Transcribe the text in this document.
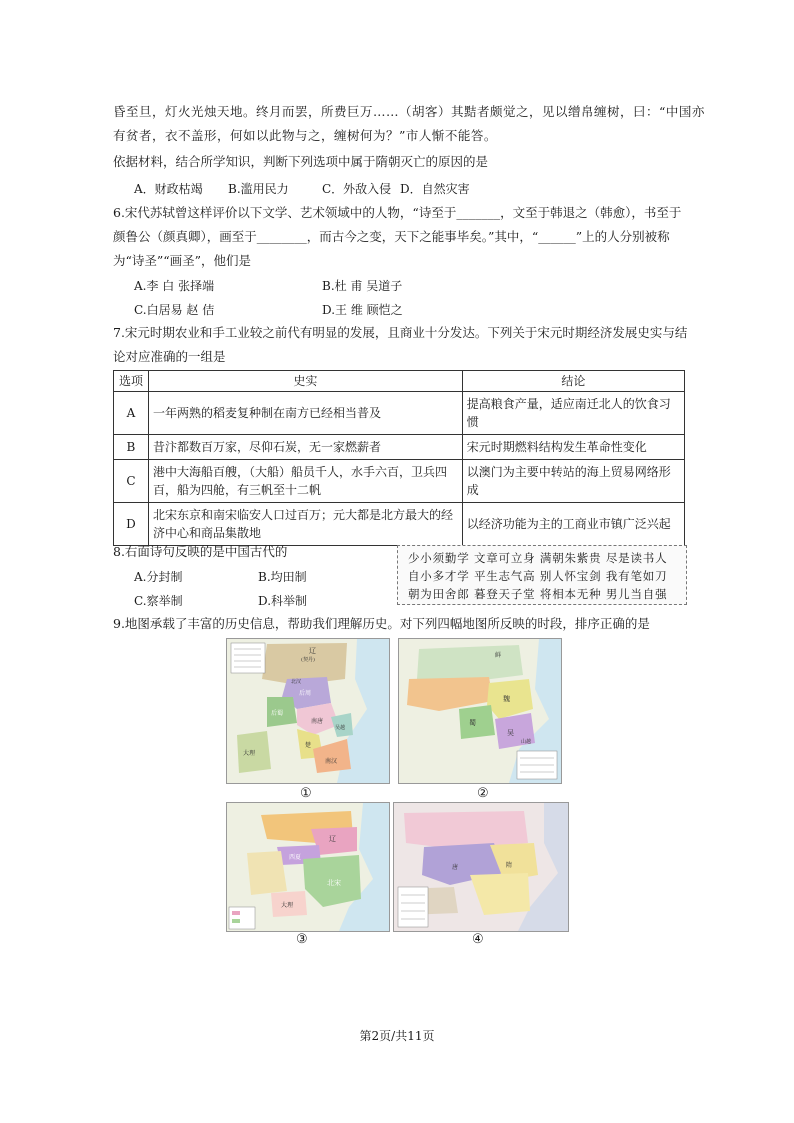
昏至旦，灯火光烛天地。终月而罢，所费巨万……（胡客）其黠者颇觉之，见以缯帛缠树，曰：“中国亦
有贫者，衣不盖形，何如以此物与之，缠树何为？”市人惭不能答。
依据材料，结合所学知识，判断下列选项中属于隋朝灭亡的原因的是
A．财政枯竭 B.滥用民力	C．外敌入侵 D．自然灾害
6.宋代苏轼曾这样评价以下文学、艺术领域中的人物，“诗至于_______，文至于韩退之（韩愈），书至于
颜鲁公（颜真卿），画至于________，而古今之变，天下之能事毕矣。”其中，“______”上的人分别被称
为“诗圣”“画圣”，他们是
A.李 白 张择端	B.杜 甫 吴道子
C.白居易 赵 佶	D.王 维 顾恺之
7.宋元时期农业和手工业较之前代有明显的发展，且商业十分发达。下列关于宋元时期经济发展史实与结
论对应准确的一组是
选项	史实	结论
A	一年两熟的稻麦复种制在南方已经相当普及	提高粮食产量，适应南迁北人的饮食习惯
B	昔汴都数百万家，尽仰石炭，无一家燃薪者	宋元时期燃料结构发生革命性变化
C	港中大海船百艘，（大船）船员千人，水手六百，卫兵四百，船为四舱，有三帆至十二帆	以澳门为主要中转站的海上贸易网络形成
D	北宋东京和南宋临安人口过百万；元大都是北方最大的经济中心和商品集散地	以经济功能为主的工商业市镇广泛兴起
8.右面诗句反映的是中国古代的
A.分封制	B.均田制
C.察举制	D.科举制
少小须勤学 文章可立身 满朝朱紫贵 尽是读书人
自小多才学 平生志气高 别人怀宝剑 我有笔如刀
朝为田舍郎 暮登天子堂 将相本无种 男儿当自强
9.地图承载了丰富的历史信息，帮助我们理解历史。对下列四幅地图所反映的时段，排序正确的是
辽
(契丹)
后周
北汉
后蜀
南唐
楚
南汉
吴越
大理
①
鲜
魏
蜀
吴
山越
②
辽
西夏
北宋
大理
③
隋
唐
④
第2页/共11页
